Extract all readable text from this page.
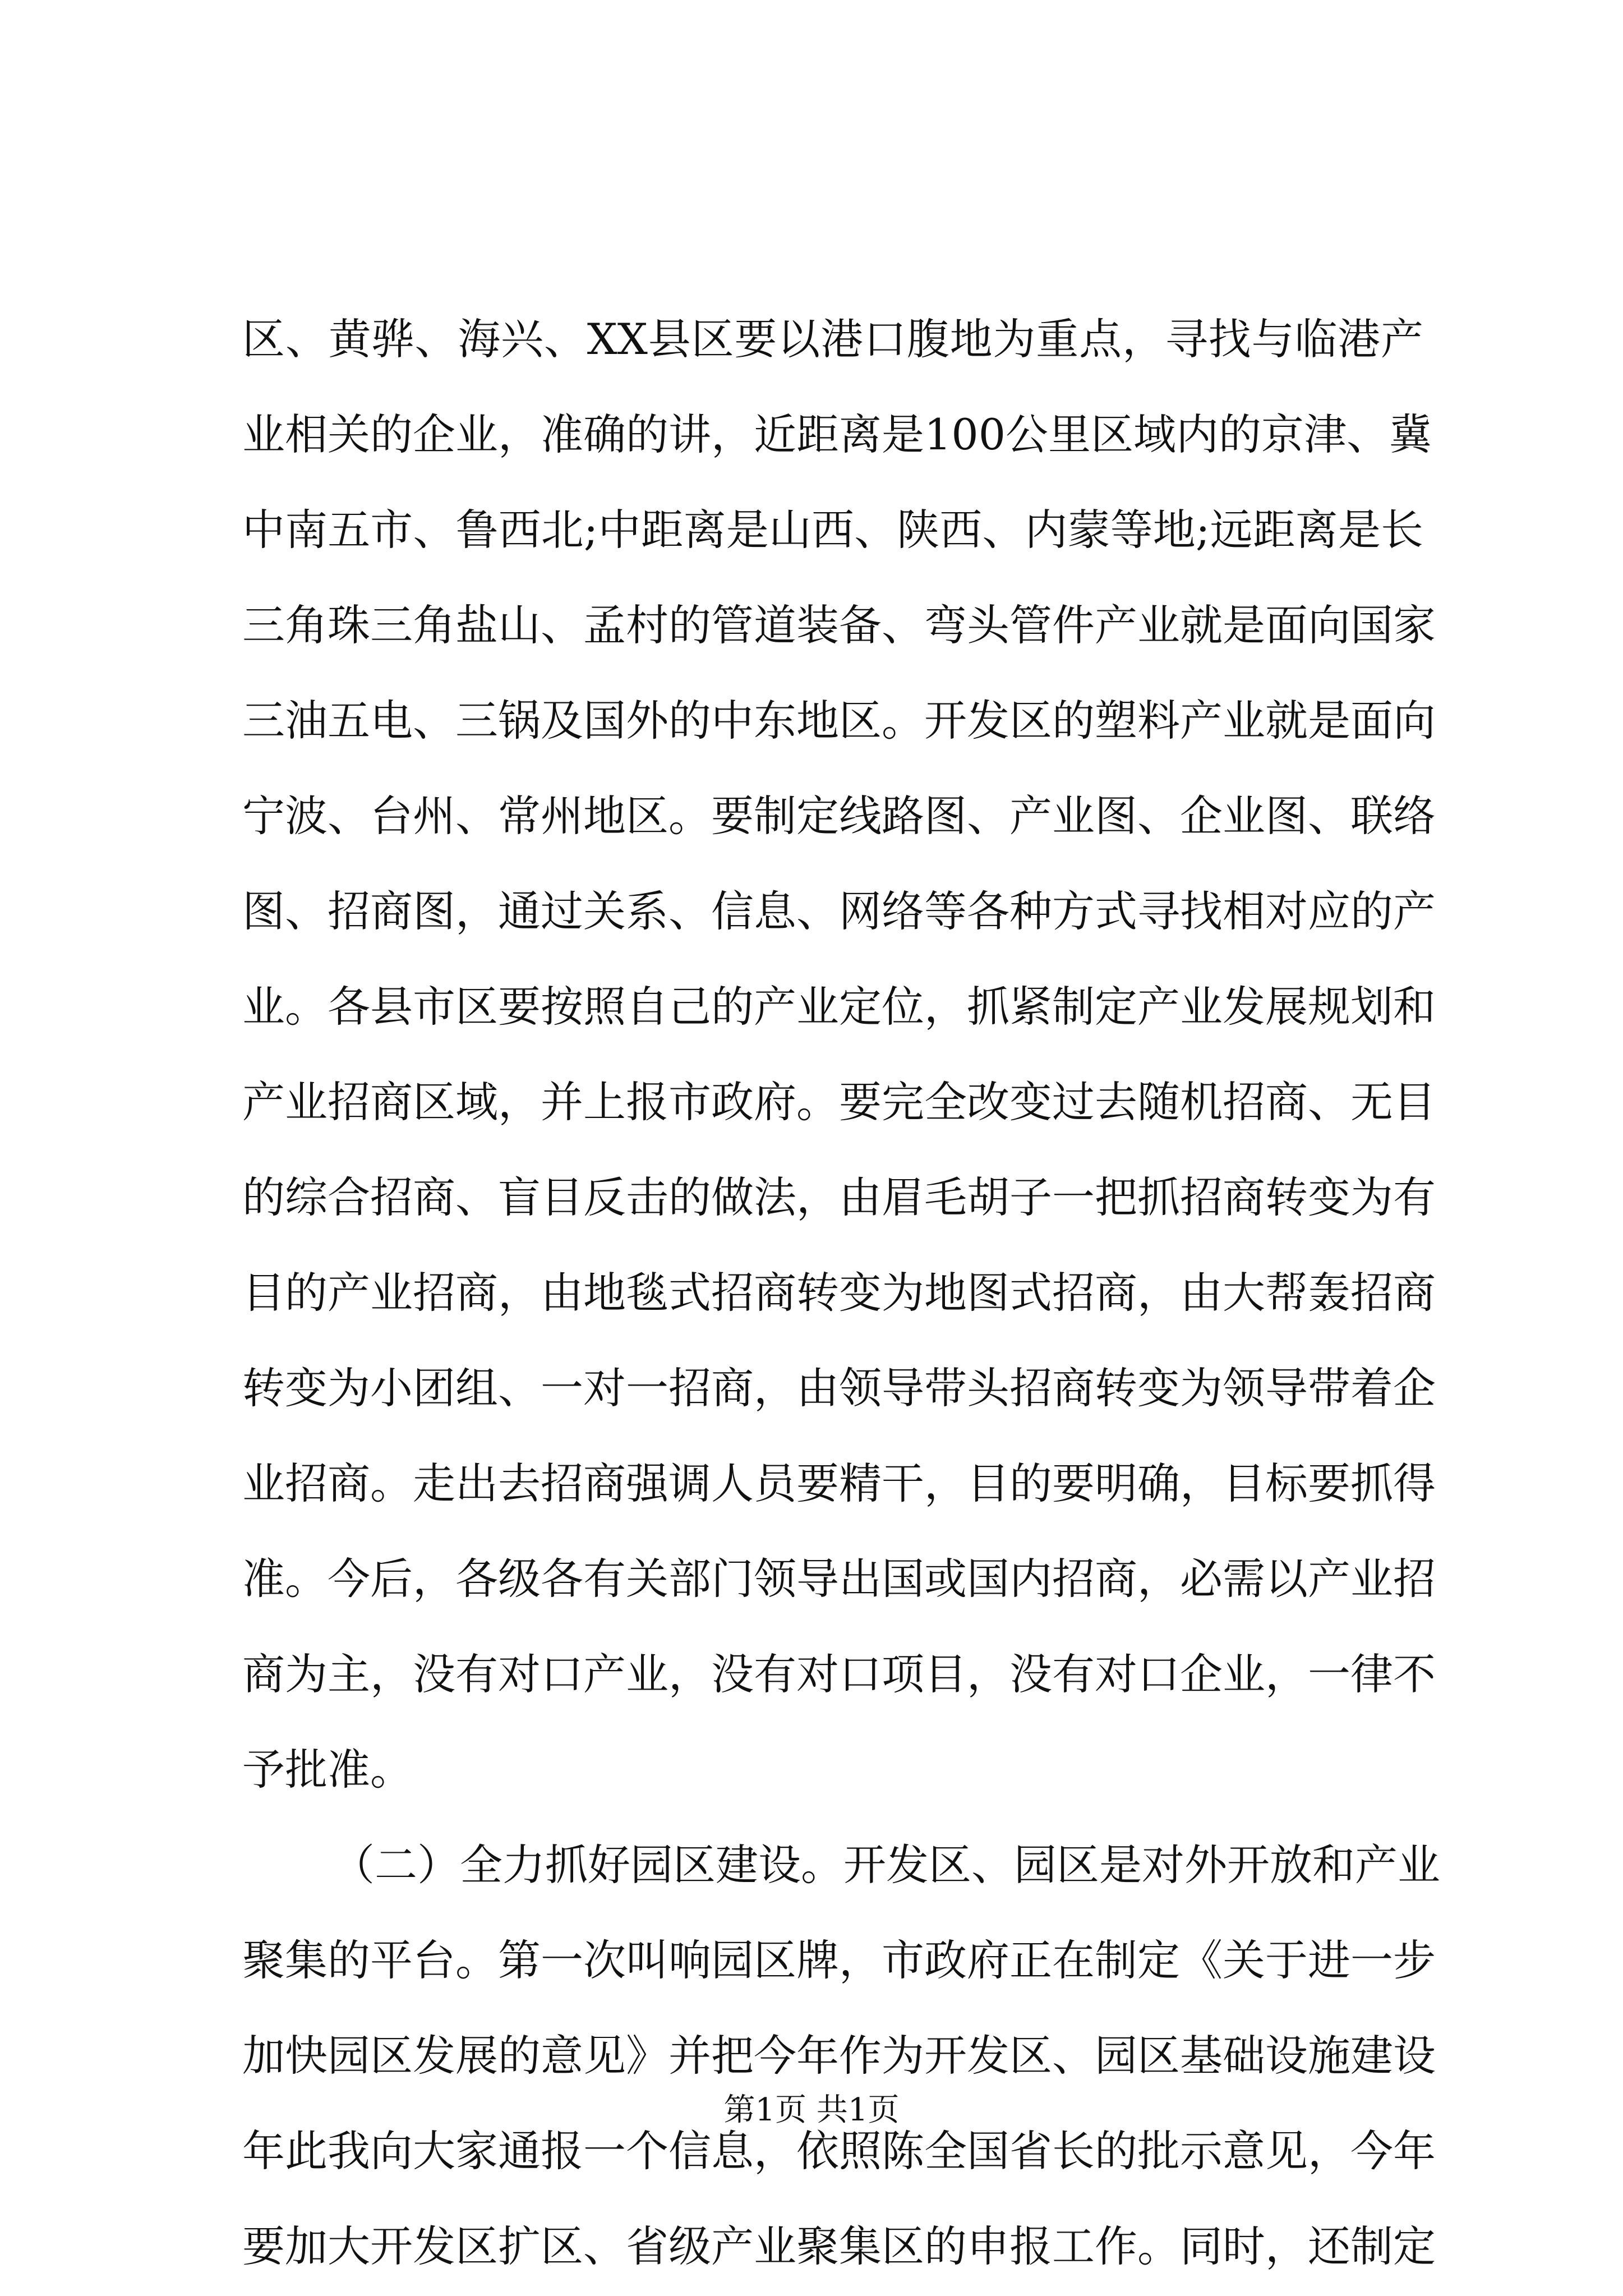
区、黄骅、海兴、XX县区要以港口腹地为重点，寻找与临港产
业相关的企业，准确的讲，近距离是100公里区域内的京津、冀
中南五市、鲁西北;中距离是山西、陕西、内蒙等地;远距离是长
三角珠三角盐山、孟村的管道装备、弯头管件产业就是面向国家
三油五电、三锅及国外的中东地区。开发区的塑料产业就是面向
宁波、台州、常州地区。要制定线路图、产业图、企业图、联络
图、招商图，通过关系、信息、网络等各种方式寻找相对应的产
业。各县市区要按照自己的产业定位，抓紧制定产业发展规划和
产业招商区域，并上报市政府。要完全改变过去随机招商、无目
的综合招商、盲目反击的做法，由眉毛胡子一把抓招商转变为有
目的产业招商，由地毯式招商转变为地图式招商，由大帮轰招商
转变为小团组、一对一招商，由领导带头招商转变为领导带着企
业招商。走出去招商强调人员要精干，目的要明确，目标要抓得
准。今后，各级各有关部门领导出国或国内招商，必需以产业招
商为主，没有对口产业，没有对口项目，没有对口企业，一律不
予批准。
（二）全力抓好园区建设。开发区、园区是对外开放和产业
聚集的平台。第一次叫响园区牌，市政府正在制定《关于进一步
加快园区发展的意见》并把今年作为开发区、园区基础设施建设
年此我向大家通报一个信息，依照陈全国省长的批示意见，今年
要加大开发区扩区、省级产业聚集区的申报工作。同时，还制定
第1页 共1页
